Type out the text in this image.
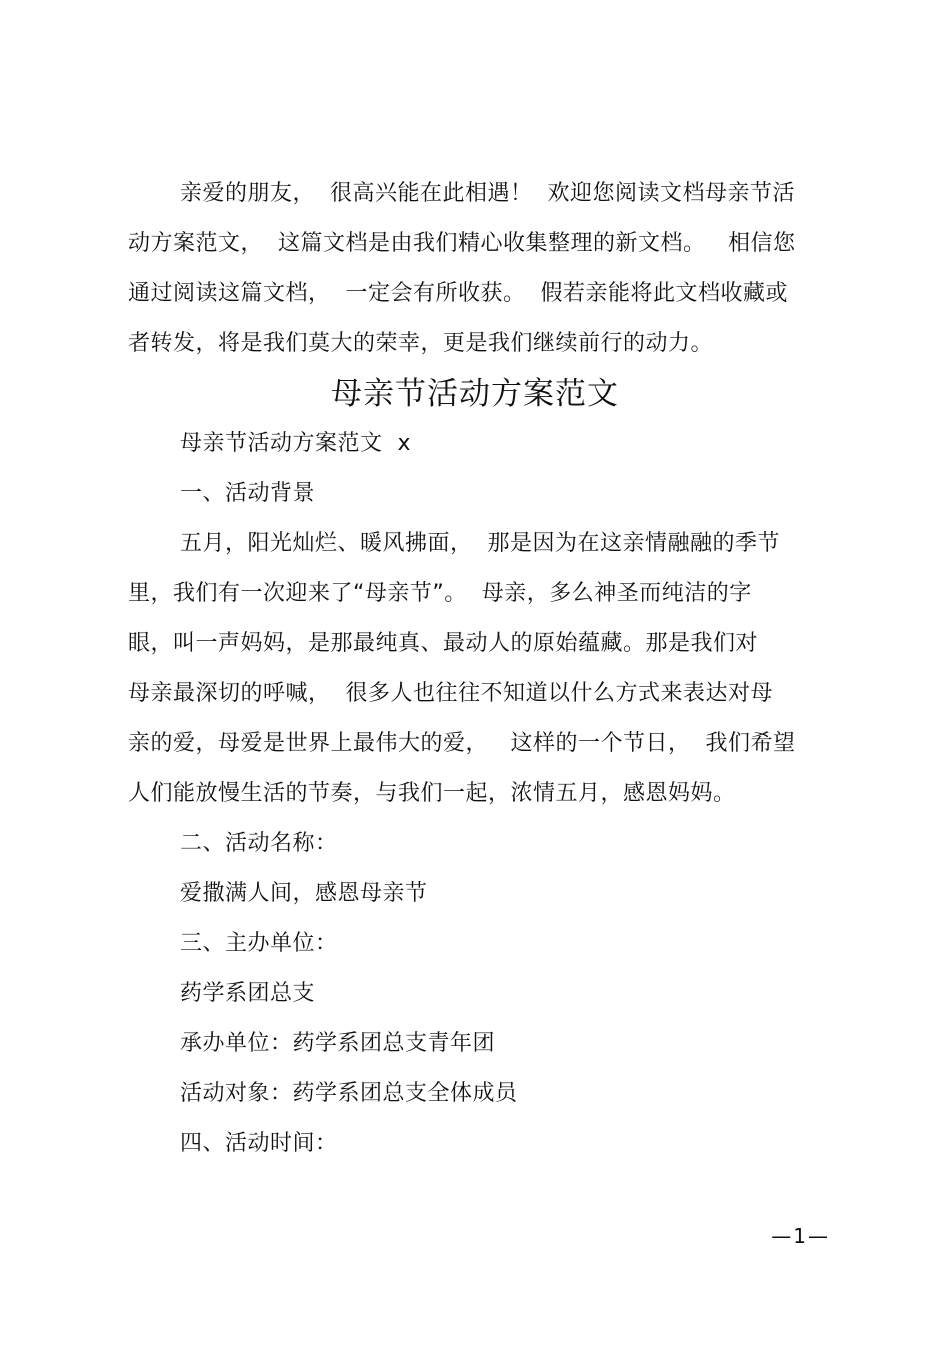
亲爱的朋友，  很高兴能在此相遇！  欢迎您阅读文档母亲节活
动方案范文，  这篇文档是由我们精心收集整理的新文档。   相信您
通过阅读这篇文档，  一定会有所收获。  假若亲能将此文档收藏或
者转发，将是我们莫大的荣幸，更是我们继续前行的动力。
母亲节活动方案范文
母亲节活动方案范文  x
一、活动背景
五月，阳光灿烂、暖风拂面，  那是因为在这亲情融融的季节
里，我们有一次迎来了“母亲节”。  母亲，多么神圣而纯洁的字
眼，叫一声妈妈，是那最纯真、最动人的原始蕴藏。那是我们对
母亲最深切的呼喊，  很多人也往往不知道以什么方式来表达对母
亲的爱，母爱是世界上最伟大的爱，   这样的一个节日，  我们希望
人们能放慢生活的节奏，与我们一起，浓情五月，感恩妈妈。
二、活动名称：
爱撒满人间，感恩母亲节
三、主办单位：
药学系团总支
承办单位：药学系团总支青年团
活动对象：药学系团总支全体成员
四、活动时间：
—1—
